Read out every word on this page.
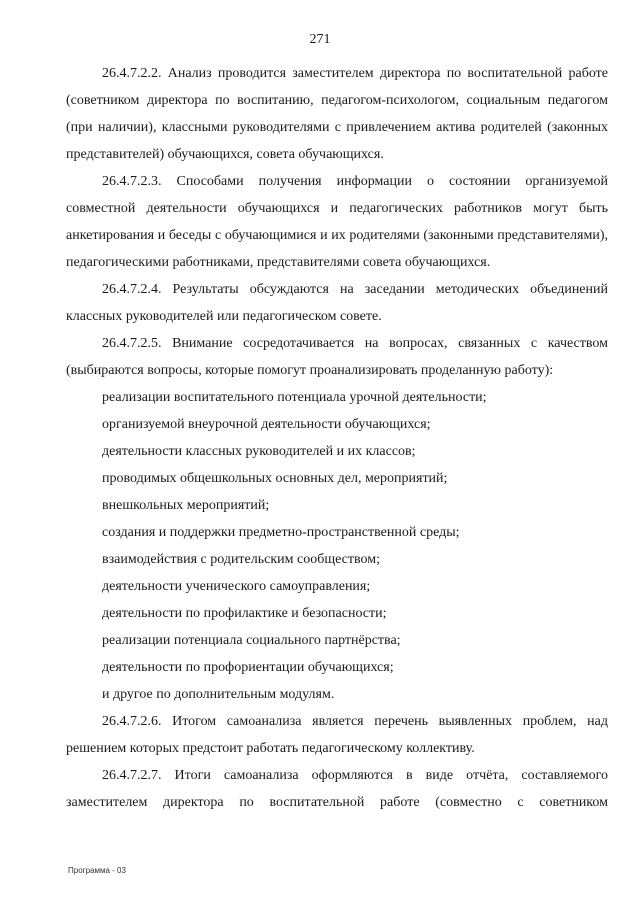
271

26.4.7.2.2. Анализ проводится заместителем директора по воспитательной работе (советником директора по воспитанию, педагогом-психологом, социальным педагогом (при наличии), классными руководителями с привлечением актива родителей (законных представителей) обучающихся, совета обучающихся.

26.4.7.2.3. Способами получения информации о состоянии организуемой совместной деятельности обучающихся и педагогических работников могут быть анкетирования и беседы с обучающимися и их родителями (законными представителями), педагогическими работниками, представителями совета обучающихся.

26.4.7.2.4. Результаты обсуждаются на заседании методических объединений классных руководителей или педагогическом совете.

26.4.7.2.5. Внимание сосредотачивается на вопросах, связанных с качеством (выбираются вопросы, которые помогут проанализировать проделанную работу):

реализации воспитательного потенциала урочной деятельности;

организуемой внеурочной деятельности обучающихся;

деятельности классных руководителей и их классов;

проводимых общешкольных основных дел, мероприятий;

внешкольных мероприятий;

создания и поддержки предметно-пространственной среды;

взаимодействия с родительским сообществом;

деятельности ученического самоуправления;

деятельности по профилактике и безопасности;

реализации потенциала социального партнёрства;

деятельности по профориентации обучающихся;

и другое по дополнительным модулям.

26.4.7.2.6. Итогом самоанализа является перечень выявленных проблем, над решением которых предстоит работать педагогическому коллективу.

26.4.7.2.7. Итоги самоанализа оформляются в виде отчёта, составляемого заместителем директора по воспитательной работе (совместно с советником

Программа - 03
